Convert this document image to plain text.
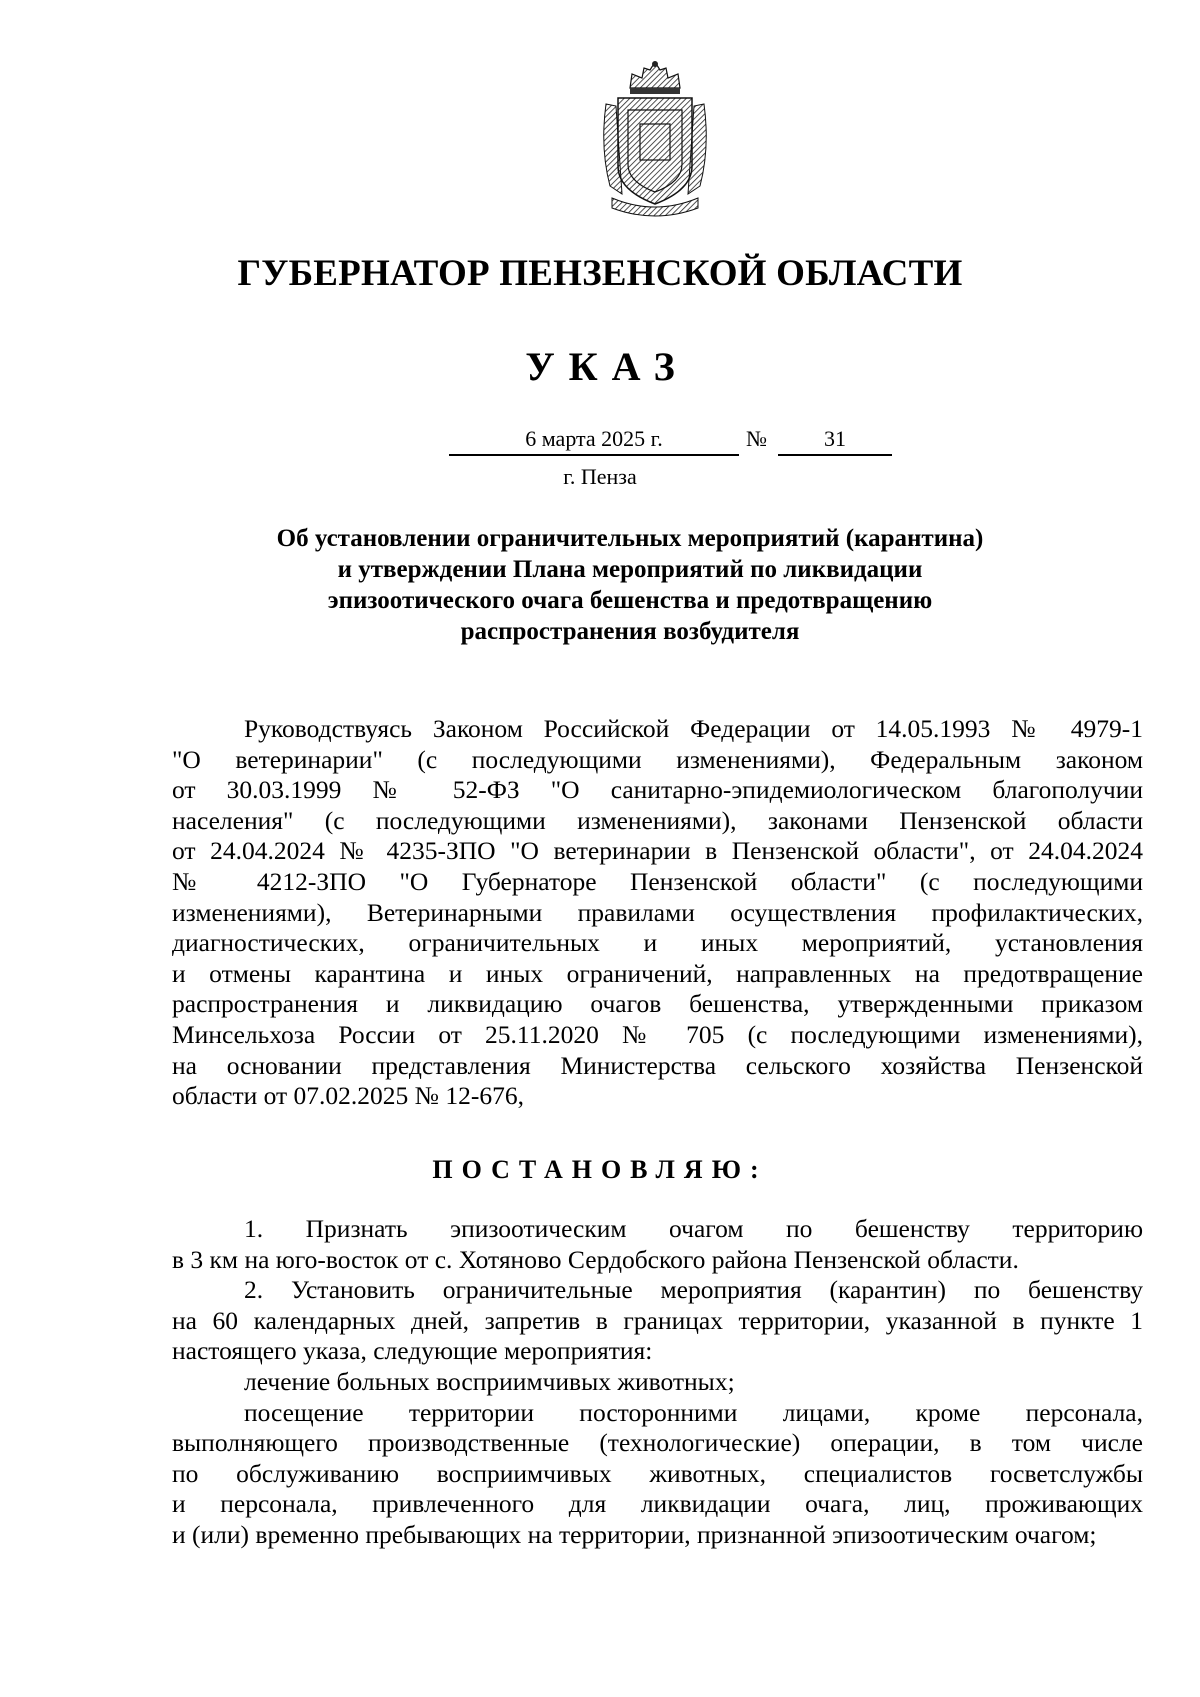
ГУБЕРНАТОР ПЕНЗЕНСКОЙ ОБЛАСТИ
УКАЗ
6 марта 2025 г.	№	31
г. Пенза
Об установлении ограничительных мероприятий (карантина)
и утверждении Плана мероприятий по ликвидации
эпизоотического очага бешенства и предотвращению
распространения возбудителя
Руководствуясь Законом Российской Федерации от 14.05.1993 № 4979-1
"О ветеринарии" (с последующими изменениями), Федеральным законом
от 30.03.1999 № 52-ФЗ "О санитарно-эпидемиологическом благополучии
населения" (с последующими изменениями), законами Пензенской области
от 24.04.2024 № 4235-ЗПО "О ветеринарии в Пензенской области", от 24.04.2024
№ 4212-ЗПО "О Губернаторе Пензенской области" (с последующими
изменениями), Ветеринарными правилами осуществления профилактических,
диагностических, ограничительных и иных мероприятий, установления
и отмены карантина и иных ограничений, направленных на предотвращение
распространения и ликвидацию очагов бешенства, утвержденными приказом
Минсельхоза России от 25.11.2020 № 705 (с последующими изменениями),
на основании представления Министерства сельского хозяйства Пензенской
области от 07.02.2025 № 12-676,
ПОСТАНОВЛЯЮ:
1. Признать эпизоотическим очагом по бешенству территорию
в 3 км на юго-восток от с. Хотяново Сердобского района Пензенской области.
2. Установить ограничительные мероприятия (карантин) по бешенству
на 60 календарных дней, запретив в границах территории, указанной в пункте 1
настоящего указа, следующие мероприятия:
лечение больных восприимчивых животных;
посещение территории посторонними лицами, кроме персонала,
выполняющего производственные (технологические) операции, в том числе
по обслуживанию восприимчивых животных, специалистов госветслужбы
и персонала, привлеченного для ликвидации очага, лиц, проживающих
и (или) временно пребывающих на территории, признанной эпизоотическим очагом;
